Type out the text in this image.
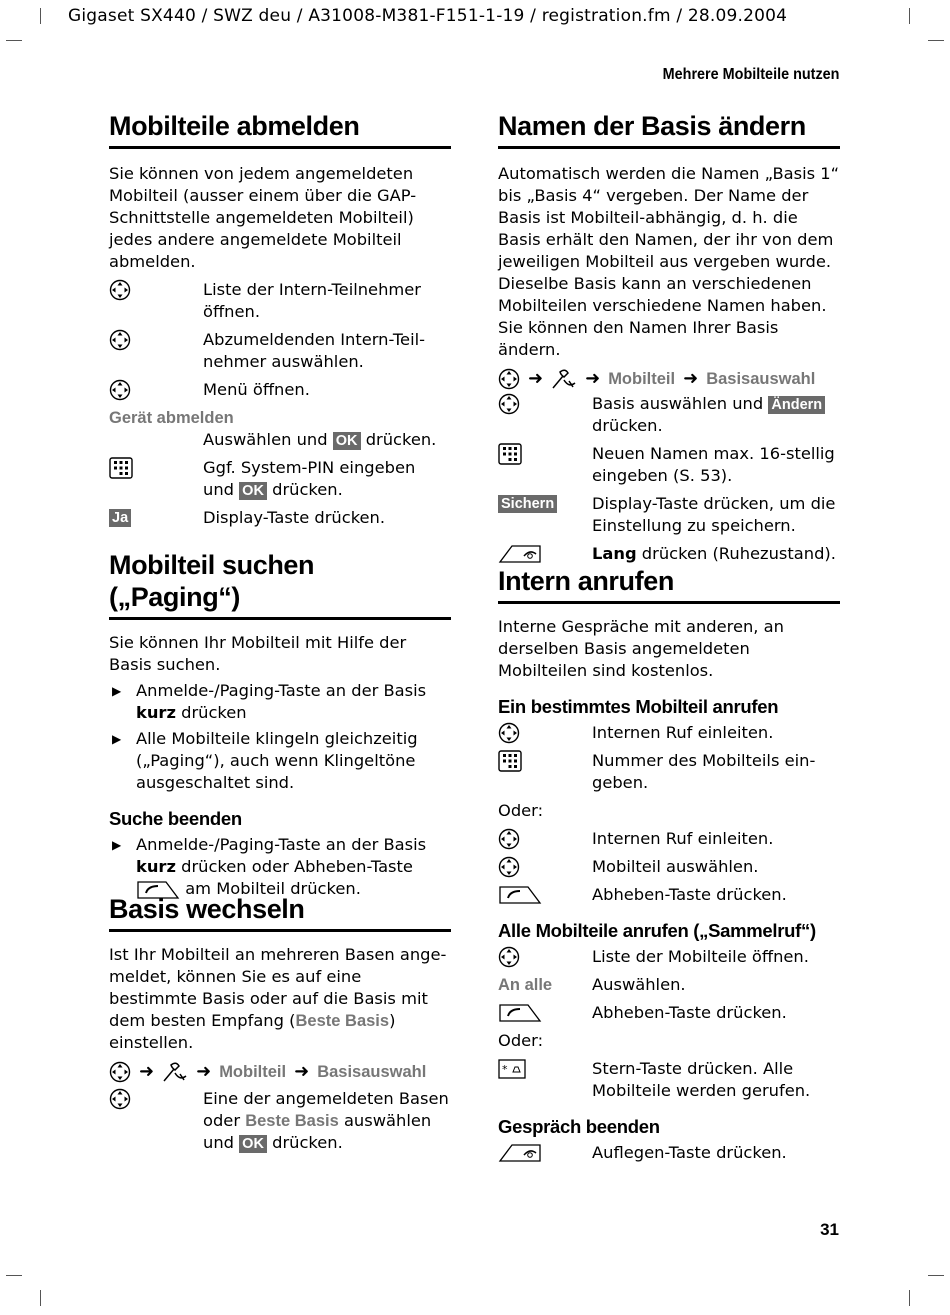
Gigaset SX440 / SWZ deu / A31008-M381-F151-1-19 / registration.fm / 28.09.2004
Mehrere Mobilteile nutzen
31
Mobilteile abmelden

Sie können von jedem angemeldeten Mobilteil (ausser einem über die GAP-Schnittstelle angemeldeten Mobilteil) jedes andere angemeldete Mobilteil abmelden.

Liste der Intern-Teilnehmer öffnen.
Abzumeldenden Intern-Teilnehmer auswählen.
Menü öffnen.
Gerät abmelden
Auswählen und OK drücken.
Ggf. System-PIN eingeben und OK drücken.
Ja	Display-Taste drücken.
Mobilteil suchen („Paging“)

Sie können Ihr Mobilteil mit Hilfe der Basis suchen.

▶ Anmelde-/Paging-Taste an der Basis kurz drücken
▶ Alle Mobilteile klingeln gleichzeitig („Paging“), auch wenn Klingeltöne ausgeschaltet sind.
Suche beenden
▶ Anmelde-/Paging-Taste an der Basis kurz drücken oder Abheben-Taste

am Mobilteil drücken.
Basis wechseln

Ist Ihr Mobilteil an mehreren Basen angemeldet, können Sie es auf eine bestimmte Basis oder auf die Basis mit dem besten Empfang (Beste Basis) einstellen.

➜ ➜ Mobilteil ➜ Basisauswahl
Eine der angemeldeten Basen oder Beste Basis auswählen und OK drücken.
Namen der Basis ändern

Automatisch werden die Namen „Basis 1“ bis „Basis 4“ vergeben. Der Name der Basis ist Mobilteil-abhängig, d. h. die Basis erhält den Namen, der ihr von dem jeweiligen Mobilteil aus vergeben wurde. Dieselbe Basis kann an verschiedenen Mobilteilen verschiedene Namen haben. Sie können den Namen Ihrer Basis ändern.

➜ ➜ Mobilteil ➜ Basisauswahl
Basis auswählen und Ändern drücken.
Neuen Namen max. 16-stellig eingeben (S. 53).
Sichern Display-Taste drücken, um die Einstellung zu speichern.
Lang drücken (Ruhezustand).
Intern anrufen

Interne Gespräche mit anderen, an derselben Basis angemeldeten Mobilteilen sind kostenlos.

Ein bestimmtes Mobilteil anrufen
Internen Ruf einleiten.
Nummer des Mobilteils eingeben.

Oder:

Internen Ruf einleiten.
Mobilteil auswählen.
Abheben-Taste drücken.
Alle Mobilteile anrufen („Sammelruf“)
Liste der Mobilteile öffnen.
An alle Auswählen.
Abheben-Taste drücken.

Oder:

*	Stern-Taste drücken. Alle Mobilteile werden gerufen.
Gespräch beenden
Auflegen-Taste drücken.
